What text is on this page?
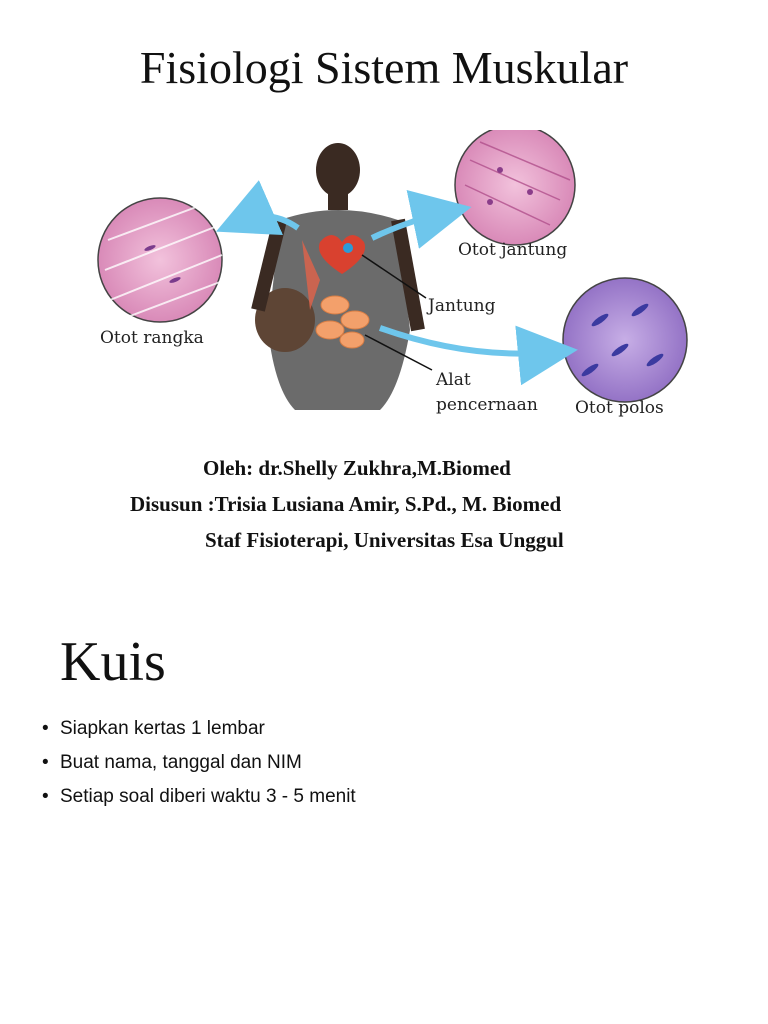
Fisiologi Sistem Muskular
Otot rangka
Otot jantung
Jantung
Alat
pencernaan Otot polos
Oleh: dr.Shelly Zukhra,M.Biomed
Disusun :Trisia Lusiana Amir, S.Pd., M. Biomed
Staf Fisioterapi, Universitas Esa Unggul
Kuis
• Siapkan kertas 1 lembar
• Buat nama, tanggal dan NIM
• Setiap soal diberi waktu 3 - 5 menit
